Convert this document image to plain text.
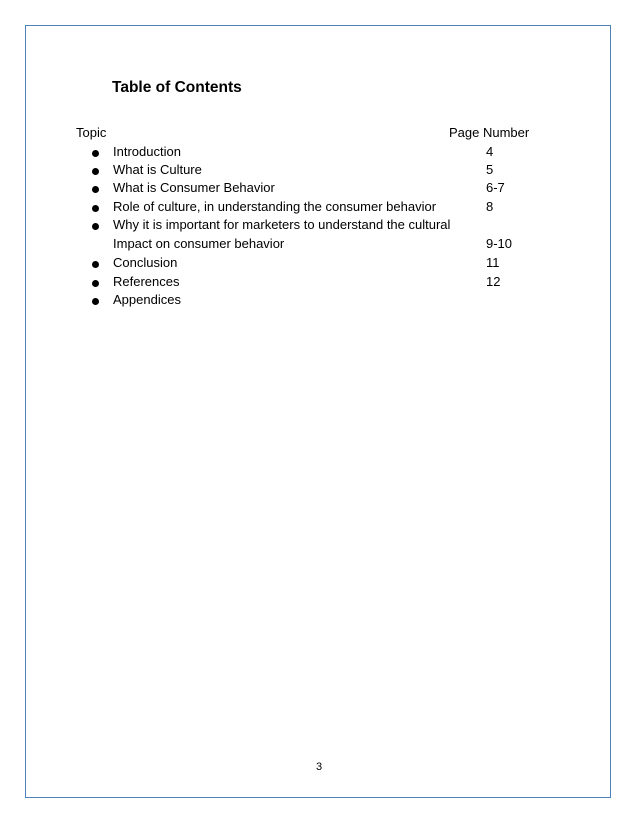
Table of Contents
Topic	Page Number
Introduction	4
What is Culture	5
What is Consumer Behavior	6-7
Role of culture, in understanding the consumer behavior	8
Why it is important for marketers to understand the cultural
Impact on consumer behavior	9-10
Conclusion	11
References	12
Appendices
3
